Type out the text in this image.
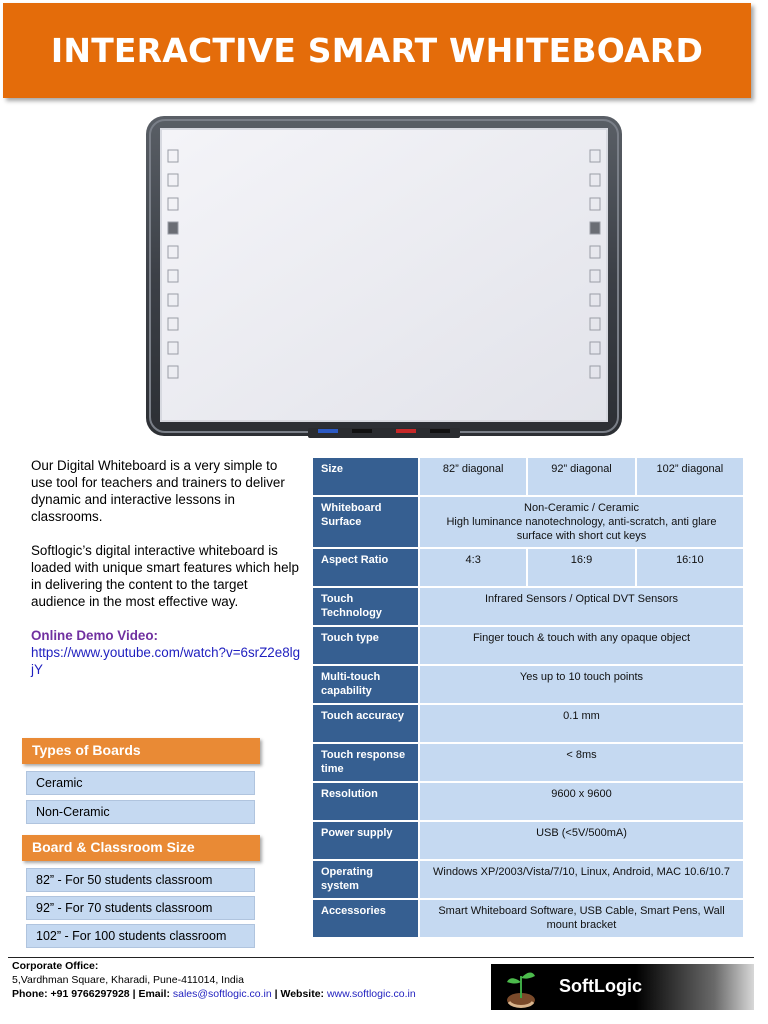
INTERACTIVE SMART WHITEBOARD

Our Digital Whiteboard is a very simple to use tool for teachers and trainers to deliver dynamic and interactive lessons in classrooms.

Softlogic’s digital interactive whiteboard is loaded with unique smart features which help in delivering the content to the target audience in the most effective way.

Online Demo Video:
https://www.youtube.com/watch?v=6srZ2e8lgjY
Types of Boards
Ceramic
Non-Ceramic
Board & Classroom Size
82” - For 50 students classroom
92” - For 70 students classroom
102” - For 100 students classroom
Size	82” diagonal	92” diagonal	102” diagonal
Whiteboard Surface	Non-Ceramic / Ceramic
High luminance nanotechnology, anti-scratch, anti glare surface with short cut keys		
Aspect Ratio	4:3	16:9	16:10
Touch Technology	Infrared Sensors / Optical DVT Sensors		
Touch type	Finger touch & touch with any opaque object		
Multi-touch capability	Yes up to 10 touch points		
Touch accuracy	0.1 mm		
Touch response time	< 8ms		
Resolution	9600 x 9600		
Power supply	USB (<5V/500mA)		
Operating system	Windows XP/2003/Vista/7/10, Linux, Android, MAC 10.6/10.7		
Accessories	Smart Whiteboard Software, USB Cable, Smart Pens, Wall mount bracket		
Corporate Office:
5,Vardhman Square, Kharadi, Pune-411014, India
Phone: +91 9766297928 | Email: sales@softlogic.co.in | Website: www.softlogic.co.in	SoftLogic
